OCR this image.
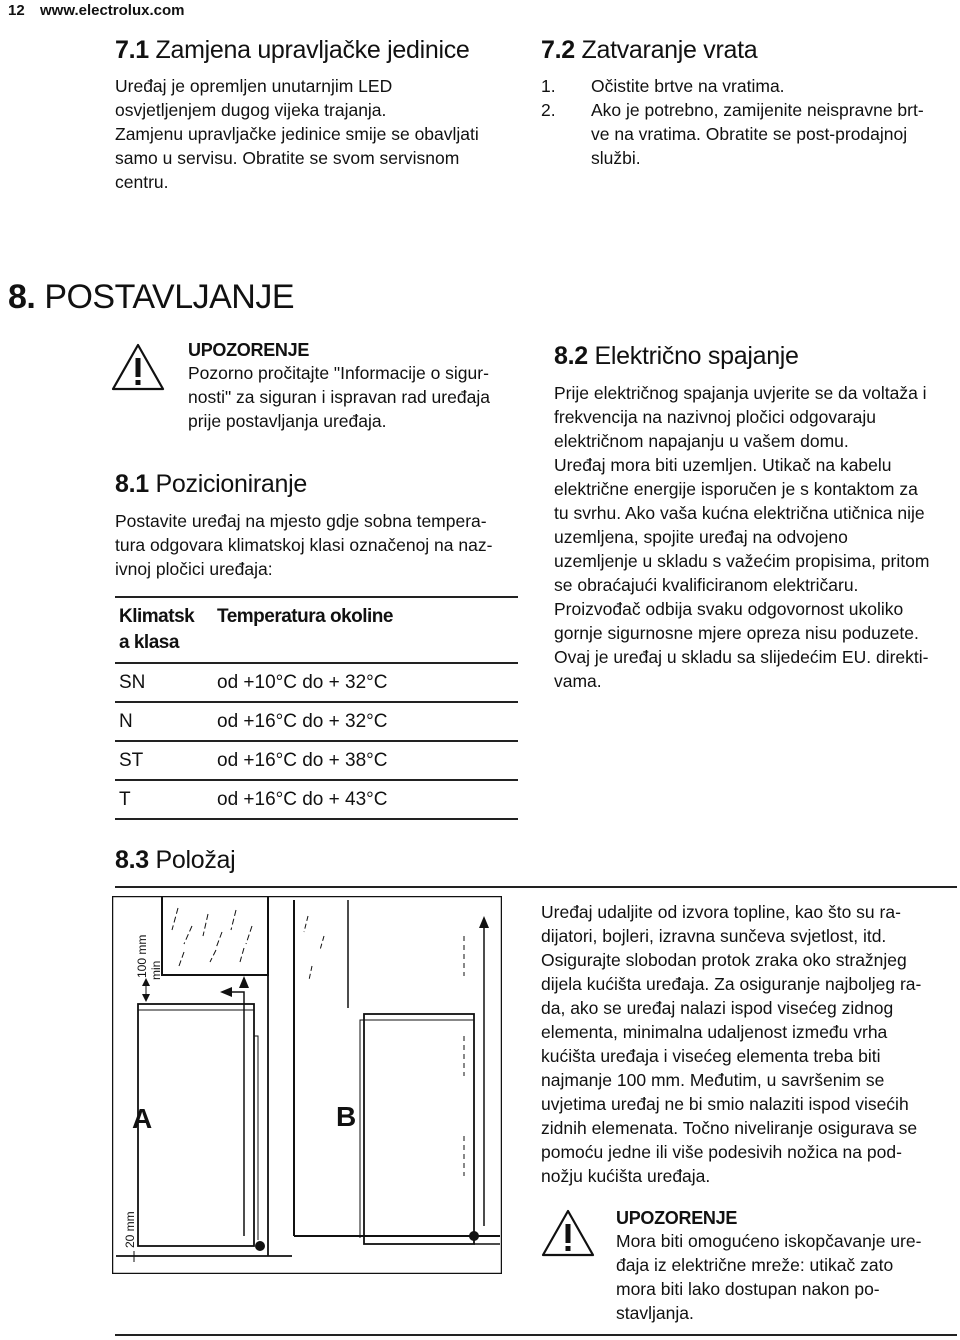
12 www.electrolux.com
7.1 Zamjena upravljačke jedinice
Uređaj je opremljen unutarnjim LED
osvjetljenjem dugog vijeka trajanja.
Zamjenu upravljačke jedinice smije se obavljati
samo u servisu. Obratite se svom servisnom
centru.
7.2 Zatvaranje vrata
1. Očistite brtve na vratima.
2. Ako je potrebno, zamijenite neispravne brt-
ve na vratima. Obratite se post-prodajnoj
službi.
8. POSTAVLJANJE
UPOZORENJE
Pozorno pročitajte "Informacije o sigur-
nosti" za siguran i ispravan rad uređaja
prije postavljanja uređaja.
8.1 Pozicioniranje
Postavite uređaj na mjesto gdje sobna tempera-
tura odgovara klimatskoj klasi označenoj na naz-
ivnoj pločici uređaja:
Klimatsk
a klasa	Temperatura okoline
SN	od +10°C do + 32°C
N	od +16°C do + 32°C
ST	od +16°C do + 38°C
T	od +16°C do + 43°C
8.2 Električno spajanje
Prije električnog spajanja uvjerite se da voltaža i
frekvencija na nazivnoj pločici odgovaraju
električnom napajanju u vašem domu.
Uređaj mora biti uzemljen. Utikač na kabelu
električne energije isporučen je s kontaktom za
tu svrhu. Ako vaša kućna električna utičnica nije
uzemljena, spojite uređaj na odvojeno
uzemljenje u skladu s važećim propisima, pritom
se obraćajući kvalificiranom električaru.
Proizvođač odbija svaku odgovornost ukoliko
gornje sigurnosne mjere opreza nisu poduzete.
Ovaj je uređaj u skladu sa slijedećim EU. direkti-
vama.
8.3 Položaj
100 mm min
20 mm
A	B
Uređaj udaljite od izvora topline, kao što su ra-
dijatori, bojleri, izravna sunčeva svjetlost, itd.
Osigurajte slobodan protok zraka oko stražnjeg
dijela kućišta uređaja. Za osiguranje najboljeg ra-
da, ako se uređaj nalazi ispod visećeg zidnog
elementa, minimalna udaljenost između vrha
kućišta uređaja i visećeg elementa treba biti
najmanje 100 mm. Međutim, u savršenim se
uvjetima uređaj ne bi smio nalaziti ispod visećih
zidnih elemenata. Točno niveliranje osigurava se
pomoću jedne ili više podesivih nožica na pod-
nožju kućišta uređaja.
UPOZORENJE
Mora biti omogućeno iskopčavanje ure-
đaja iz električne mreže: utikač zato
mora biti lako dostupan nakon po-
stavljanja.
